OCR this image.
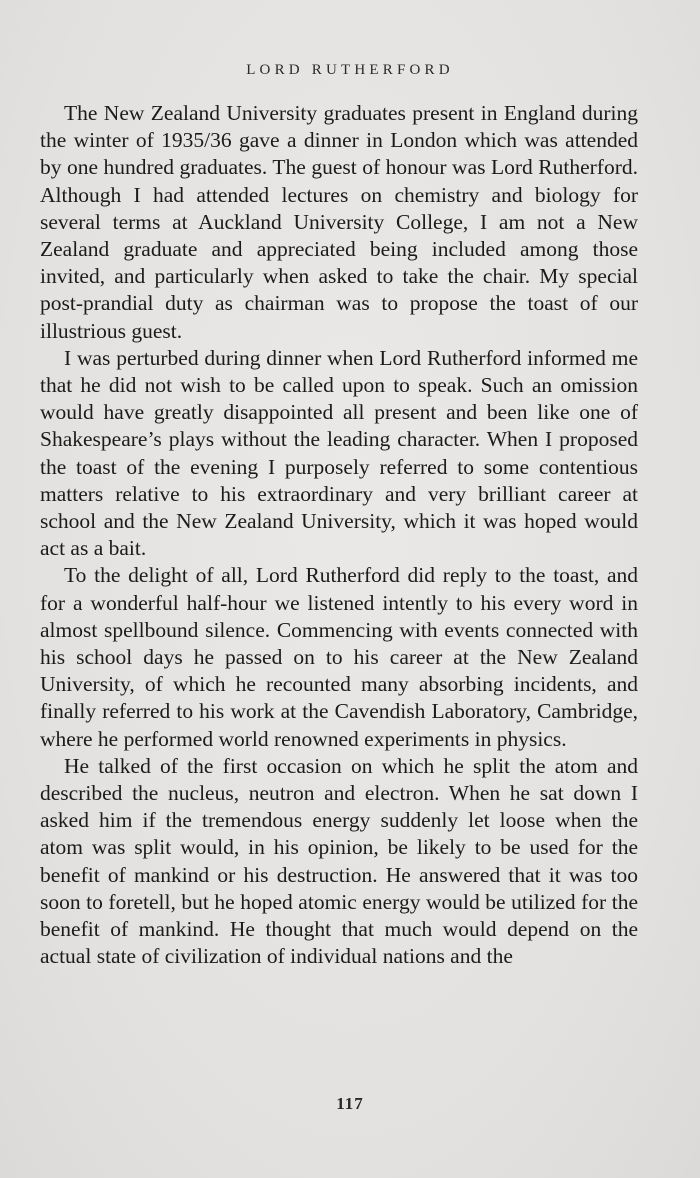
LORD RUTHERFORD

The New Zealand University graduates present in England during the winter of 1935/36 gave a dinner in London which was attended by one hundred graduates. The guest of honour was Lord Rutherford. Although I had attended lectures on chemistry and biology for several terms at Auckland University College, I am not a New Zealand graduate and appreciated being included among those invited, and particularly when asked to take the chair. My special post-prandial duty as chairman was to propose the toast of our illustrious guest.

I was perturbed during dinner when Lord Rutherford informed me that he did not wish to be called upon to speak. Such an omission would have greatly disappointed all present and been like one of Shakespeare’s plays without the leading character. When I proposed the toast of the evening I purposely referred to some contentious matters relative to his extraordinary and very brilliant career at school and the New Zealand University, which it was hoped would act as a bait.

To the delight of all, Lord Rutherford did reply to the toast, and for a wonderful half-hour we listened intently to his every word in almost spellbound silence. Commencing with events connected with his school days he passed on to his career at the New Zealand University, of which he recounted many absorbing incidents, and finally referred to his work at the Cavendish Laboratory, Cambridge, where he performed world renowned experiments in physics.

He talked of the first occasion on which he split the atom and described the nucleus, neutron and electron. When he sat down I asked him if the tremendous energy suddenly let loose when the atom was split would, in his opinion, be likely to be used for the benefit of mankind or his destruction. He answered that it was too soon to foretell, but he hoped atomic energy would be utilized for the benefit of mankind. He thought that much would depend on the actual state of civilization of individual nations and the

117
